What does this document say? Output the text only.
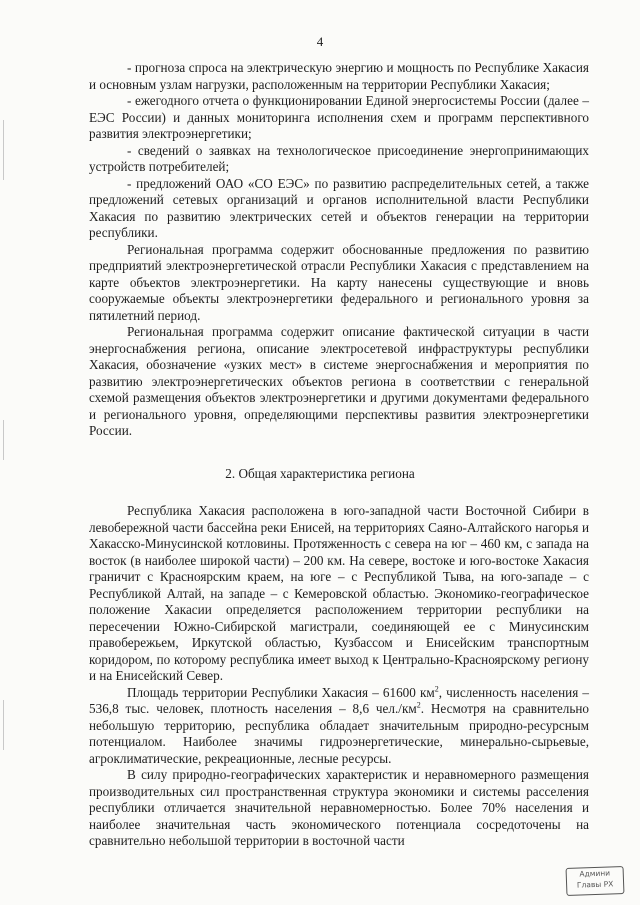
4

- прогноза спроса на электрическую энергию и мощность по Республике Хакасия и основным узлам нагрузки, расположенным на территории Республики Хакасия;

- ежегодного отчета о функционировании Единой энергосистемы России (далее – ЕЭС России) и данных мониторинга исполнения схем и программ перспективного развития электроэнергетики;

- сведений о заявках на технологическое присоединение энергопринимающих устройств потребителей;

- предложений ОАО «СО ЕЭС» по развитию распределительных сетей, а также предложений сетевых организаций и органов исполнительной власти Республики Хакасия по развитию электрических сетей и объектов генерации на территории республики.

Региональная программа содержит обоснованные предложения по развитию предприятий электроэнергетической отрасли Республики Хакасия с представлением на карте объектов электроэнергетики. На карту нанесены существующие и вновь сооружаемые объекты электроэнергетики федерального и регионального уровня за пятилетний период.

Региональная программа содержит описание фактической ситуации в части энергоснабжения региона, описание электросетевой инфраструктуры республики Хакасия, обозначение «узких мест» в системе энергоснабжения и мероприятия по развитию электроэнергетических объектов региона в соответствии с генеральной схемой размещения объектов электроэнергетики и другими документами федерального и регионального уровня, определяющими перспективы развития электроэнергетики России.

2. Общая характеристика региона

Республика Хакасия расположена в юго-западной части Восточной Сибири в левобережной части бассейна реки Енисей, на территориях Саяно-Алтайского нагорья и Хакасско-Минусинской котловины. Протяженность с севера на юг – 460 км, с запада на восток (в наиболее широкой части) – 200 км. На севере, востоке и юго-востоке Хакасия граничит с Красноярским краем, на юге – с Республикой Тыва, на юго-западе – с Республикой Алтай, на западе – с Кемеровской областью. Экономико-географическое положение Хакасии определяется расположением территории республики на пересечении Южно-Сибирской магистрали, соединяющей ее с Минусинским правобережьем, Иркутской областью, Кузбассом и Енисейским транспортным коридором, по которому республика имеет выход к Центрально-Красноярскому региону и на Енисейский Север.

Площадь территории Республики Хакасия – 61600 $км^2$, численность населения – 536,8 тыс. человек, плотность населения – 8,6 $чел./км^2$. Несмотря на сравнительно небольшую территорию, республика обладает значительным природно-ресурсным потенциалом. Наиболее значимы гидроэнергетические, минерально-сырьевые, агроклиматические, рекреационные, лесные ресурсы.

В силу природно-географических характеристик и неравномерного размещения производительных сил пространственная структура экономики и системы расселения республики отличается значительной неравномерностью. Более 70% населения и наиболее значительная часть экономического потенциала сосредоточены на сравнительно небольшой территории в восточной части

Админи
Главы РХ
